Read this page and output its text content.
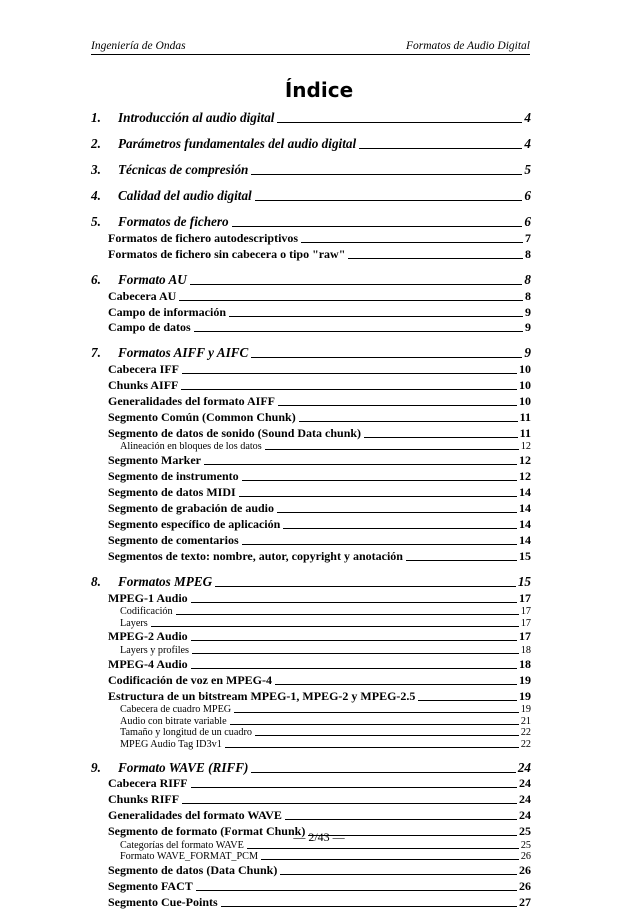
Ingeniería de Ondas	Formatos de Audio Digital
Índice
1. Introducción al audio digital	4
2. Parámetros fundamentales del audio digital	4
3. Técnicas de compresión	5
4. Calidad del audio digital	6
5. Formatos de fichero	6
Formatos de fichero autodescriptivos	7
Formatos de fichero sin cabecera o tipo "raw"	8
6. Formato AU	8
Cabecera AU	8
Campo de información	9
Campo de datos	9
7. Formatos AIFF y AIFC	9
Cabecera IFF	10
Chunks AIFF	10
Generalidades del formato AIFF	10
Segmento Común (Common Chunk)	11
Segmento de datos de sonido (Sound Data chunk)	11
Alineación en bloques de los datos	12
Segmento Marker	12
Segmento de instrumento	12
Segmento de datos MIDI	14
Segmento de grabación de audio	14
Segmento específico de aplicación	14
Segmento de comentarios	14
Segmentos de texto: nombre, autor, copyright y anotación	15
8. Formatos MPEG	15
MPEG-1 Audio	17
Codificación	17
Layers	17
MPEG-2 Audio	17
Layers y profiles	18
MPEG-4 Audio	18
Codificación de voz en MPEG-4	19
Estructura de un bitstream MPEG-1, MPEG-2 y MPEG-2.5	19
Cabecera de cuadro MPEG	19
Audio con bitrate variable	21
Tamaño y longitud de un cuadro	22
MPEG Audio Tag ID3v1	22
9. Formato WAVE (RIFF)	24
Cabecera RIFF	24
Chunks RIFF	24
Generalidades del formato WAVE	24
Segmento de formato (Format Chunk)	25
Categorías del formato WAVE	25
Formato WAVE_FORMAT_PCM	26
Segmento de datos (Data Chunk)	26
Segmento FACT	26
Segmento Cue-Points	27
— 2/43 —
